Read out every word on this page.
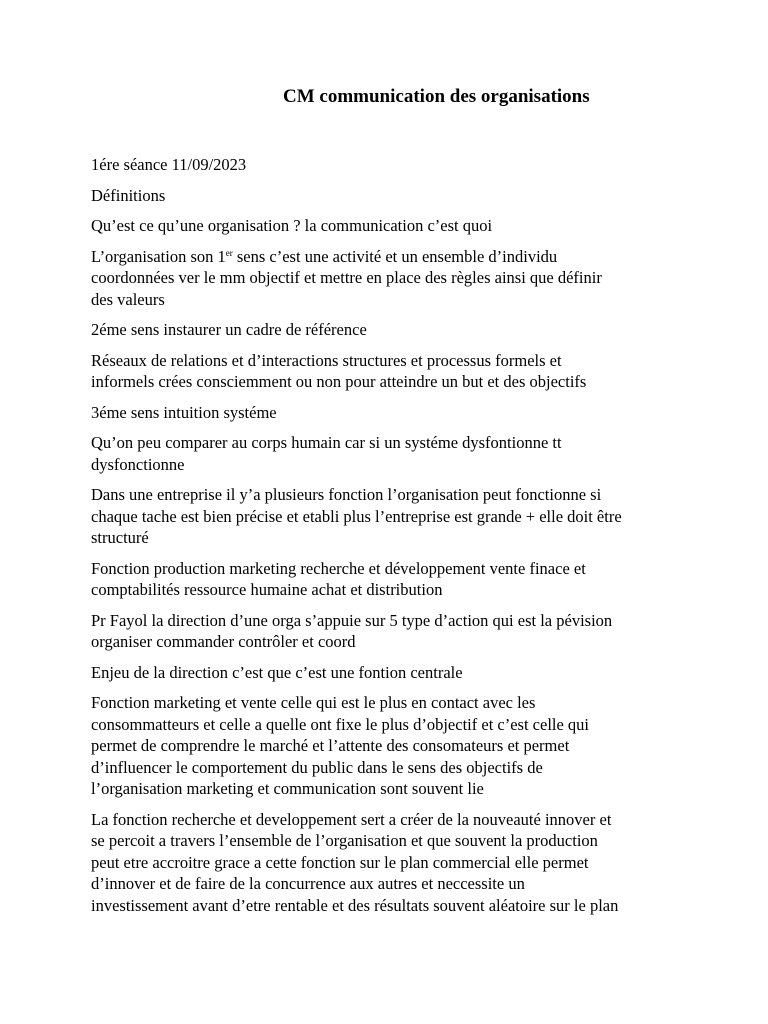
CM communication des organisations

1ére séance 11/09/2023

Définitions

Qu’est ce qu’une organisation ? la communication c’est quoi

L’organisation son 1er sens c’est une activité et un ensemble d’individu
coordonnées ver le mm objectif et mettre en place des règles ainsi que définir
des valeurs

2éme sens instaurer un cadre de référence

Réseaux de relations et d’interactions structures et processus formels et
informels crées consciemment ou non pour atteindre un but et des objectifs

3éme sens intuition systéme

Qu’on peu comparer au corps humain car si un systéme dysfontionne tt
dysfonctionne

Dans une entreprise il y’a plusieurs fonction l’organisation peut fonctionne si
chaque tache est bien précise et etabli plus l’entreprise est grande + elle doit être
structuré

Fonction production marketing recherche et développement vente finace et
comptabilités ressource humaine achat et distribution

Pr Fayol la direction d’une orga s’appuie sur 5 type d’action qui est la pévision
organiser commander contrôler et coord

Enjeu de la direction c’est que c’est une fontion centrale

Fonction marketing et vente celle qui est le plus en contact avec les
consommatteurs et celle a quelle ont fixe le plus d’objectif et c’est celle qui
permet de comprendre le marché et l’attente des consomateurs et permet
d’influencer le comportement du public dans le sens des objectifs de
l’organisation marketing et communication sont souvent lie

La fonction recherche et developpement sert a créer de la nouveauté innover et
se percoit a travers l’ensemble de l’organisation et que souvent la production
peut etre accroitre grace a cette fonction sur le plan commercial elle permet
d’innover et de faire de la concurrence aux autres et neccessite un
investissement avant d’etre rentable et des résultats souvent aléatoire sur le plan
